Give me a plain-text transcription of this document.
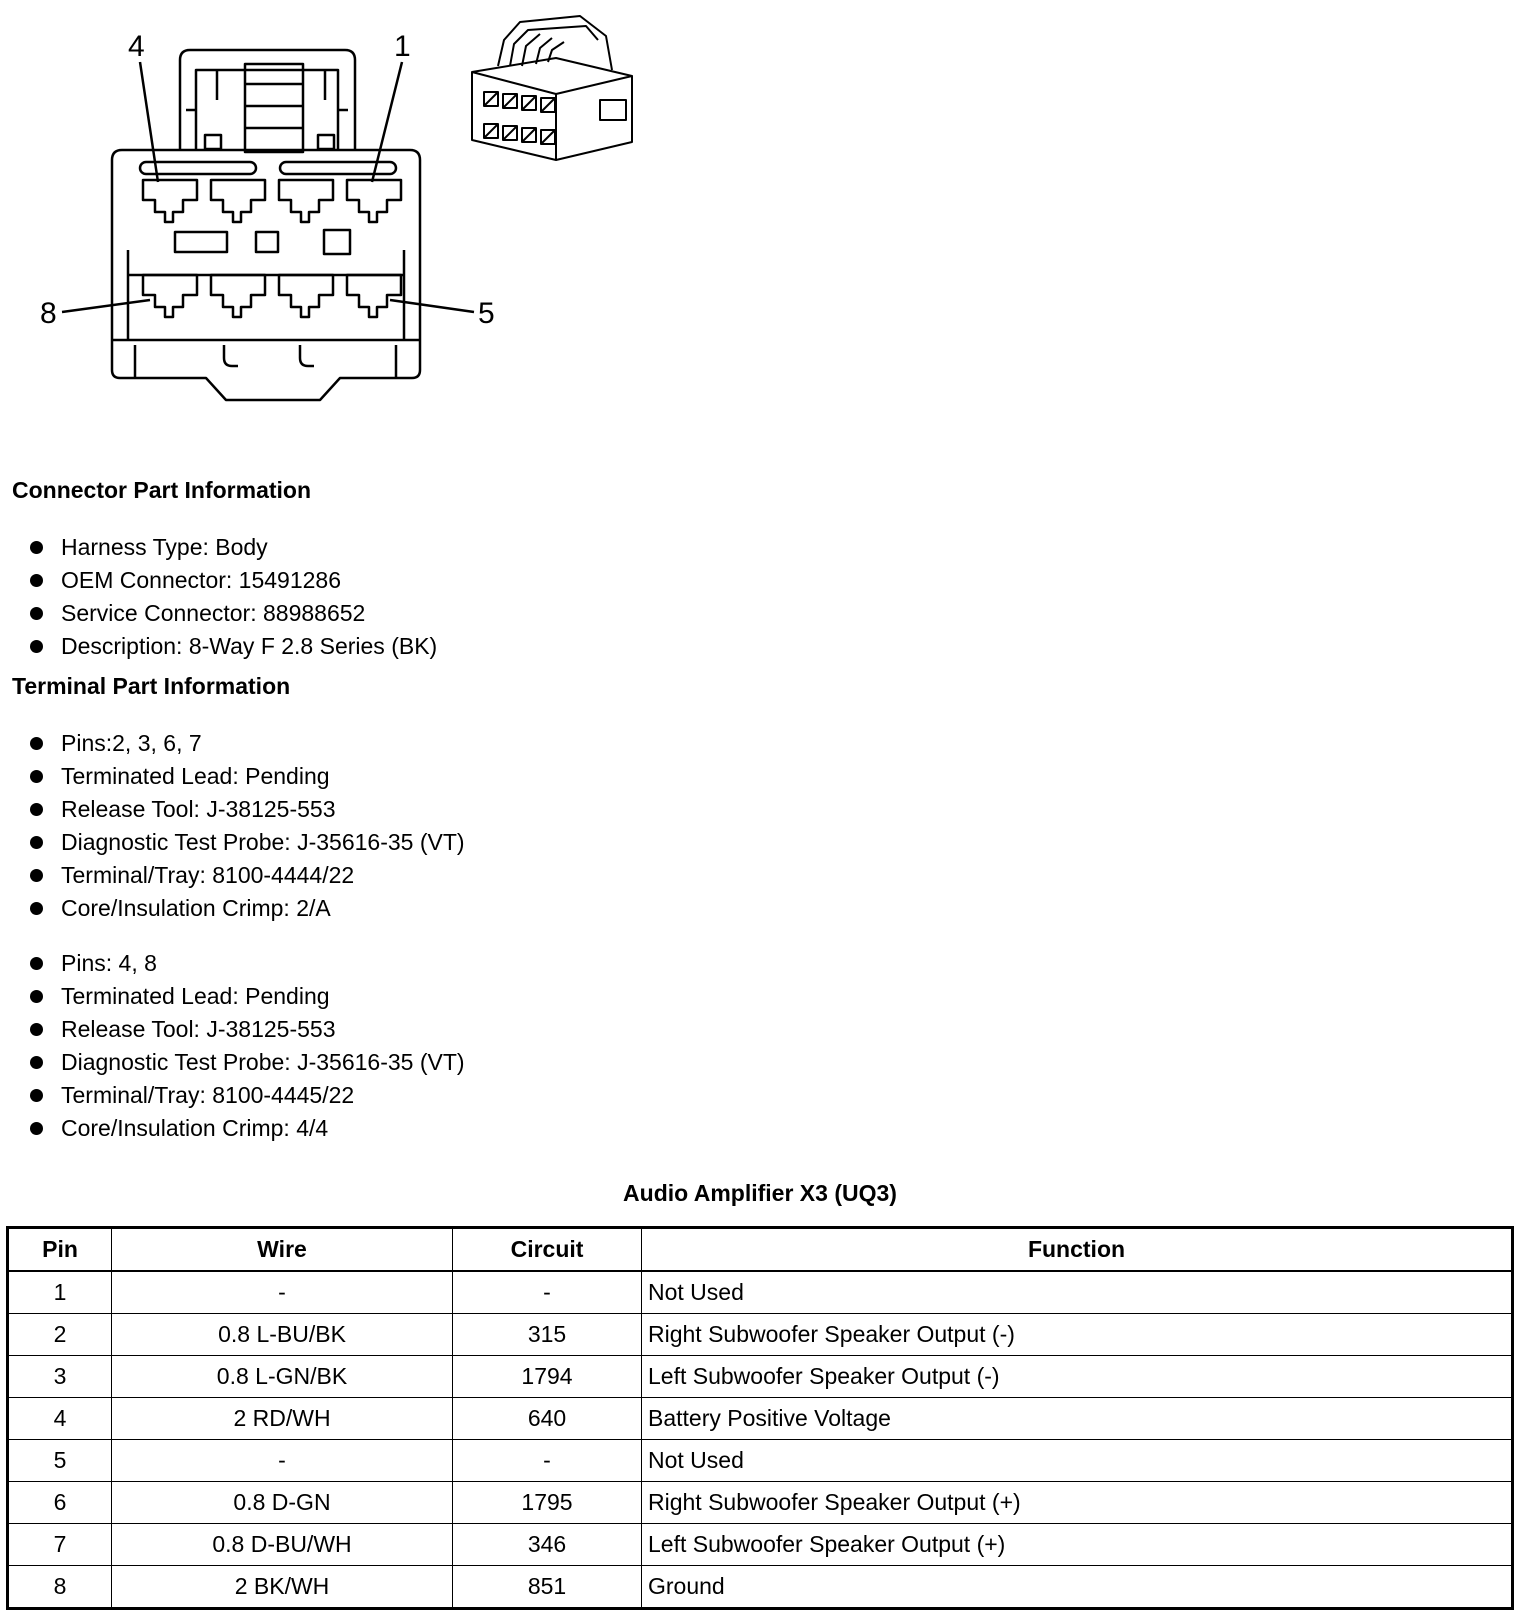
4	1
8	5
Connector Part Information
Harness Type: Body
OEM Connector: 15491286
Service Connector: 88988652
Description: 8-Way F 2.8 Series (BK)
Terminal Part Information
Pins:2, 3, 6, 7
Terminated Lead: Pending
Release Tool: J-38125-553
Diagnostic Test Probe: J-35616-35 (VT)
Terminal/Tray: 8100-4444/22
Core/Insulation Crimp: 2/A
Pins: 4, 8
Terminated Lead: Pending
Release Tool: J-38125-553
Diagnostic Test Probe: J-35616-35 (VT)
Terminal/Tray: 8100-4445/22
Core/Insulation Crimp: 4/4
Audio Amplifier X3 (UQ3)
Pin	Wire	Circuit	Function
1	-	-	Not Used
2	0.8 L-BU/BK	315	Right Subwoofer Speaker Output (-)
3	0.8 L-GN/BK	1794	Left Subwoofer Speaker Output (-)
4	2 RD/WH	640	Battery Positive Voltage
5	-	-	Not Used
6	0.8 D-GN	1795	Right Subwoofer Speaker Output (+)
7	0.8 D-BU/WH	346	Left Subwoofer Speaker Output (+)
8	2 BK/WH	851	Ground
